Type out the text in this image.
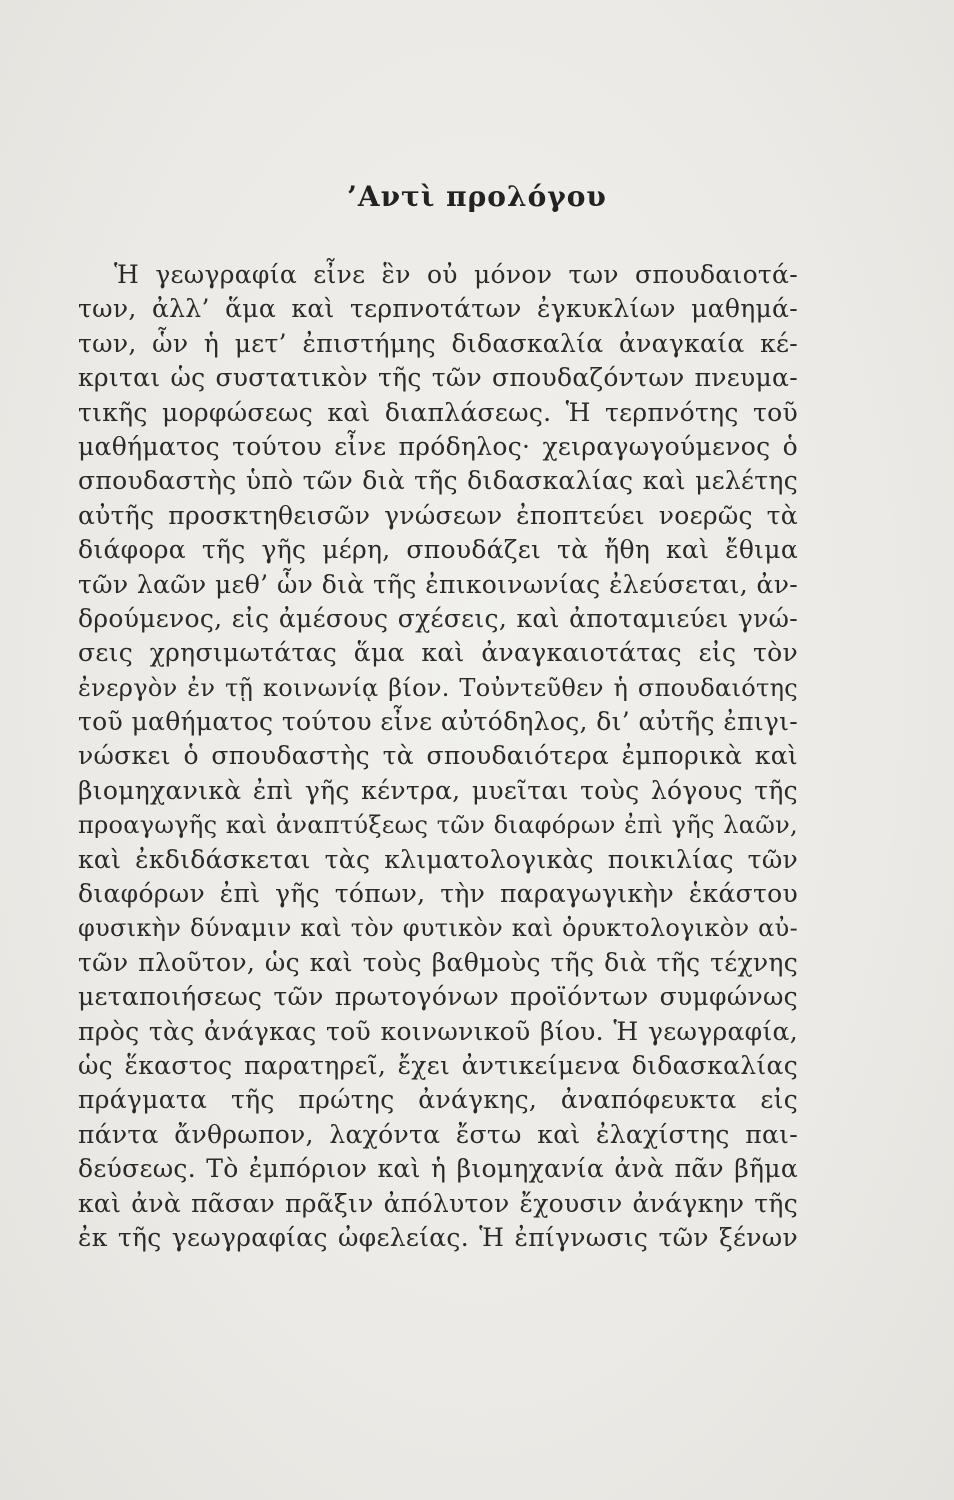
’Αντὶ προλόγου
Ἡ γεωγραφία εἶνε ἓν οὐ μόνον των σπουδαιοτά-
των, ἀλλ’ ἅμα καὶ τερπνοτάτων ἐγκυκλίων μαθημά-
των, ὧν ἡ μετ’ ἐπιστήμης διδασκαλία ἀναγκαία κέ-
κριται ὡς συστατικὸν τῆς τῶν σπουδαζόντων πνευμα-
τικῆς μορφώσεως καὶ διαπλάσεως. Ἡ τερπνότης τοῦ
μαθήματος τούτου εἶνε πρόδηλος· χειραγωγούμενος ὁ
σπουδαστὴς ὑπὸ τῶν διὰ τῆς διδασκαλίας καὶ μελέτης
αὐτῆς προσκτηθεισῶν γνώσεων ἐποπτεύει νοερῶς τὰ
διάφορα τῆς γῆς μέρη, σπουδάζει τὰ ἤθη καὶ ἔθιμα
τῶν λαῶν μεθ’ ὧν διὰ τῆς ἐπικοινωνίας ἐλεύσεται, ἀν-
δρούμενος, εἰς ἀμέσους σχέσεις, καὶ ἀποταμιεύει γνώ-
σεις χρησιμωτάτας ἅμα καὶ ἀναγκαιοτάτας εἰς τὸν
ἐνεργὸν ἐν τῇ κοινωνίᾳ βίον. Τοὐντεῦθεν ἡ σπουδαιότης
τοῦ μαθήματος τούτου εἶνε αὐτόδηλος, δι’ αὐτῆς ἐπιγι-
νώσκει ὁ σπουδαστὴς τὰ σπουδαιότερα ἐμπορικὰ καὶ
βιομηχανικὰ ἐπὶ γῆς κέντρα, μυεῖται τοὺς λόγους τῆς
προαγωγῆς καὶ ἀναπτύξεως τῶν διαφόρων ἐπὶ γῆς λαῶν,
καὶ ἐκδιδάσκεται τὰς κλιματολογικὰς ποικιλίας τῶν
διαφόρων ἐπὶ γῆς τόπων, τὴν παραγωγικὴν ἑκάστου
φυσικὴν δύναμιν καὶ τὸν φυτικὸν καὶ ὀρυκτολογικὸν αὐ-
τῶν πλοῦτον, ὡς καὶ τοὺς βαθμοὺς τῆς διὰ τῆς τέχνης
μεταποιήσεως τῶν πρωτογόνων προϊόντων συμφώνως
πρὸς τὰς ἀνάγκας τοῦ κοινωνικοῦ βίου. Ἡ γεωγραφία,
ὡς ἕκαστος παρατηρεῖ, ἔχει ἀντικείμενα διδασκαλίας
πράγματα τῆς πρώτης ἀνάγκης, ἀναπόφευκτα εἰς
πάντα ἄνθρωπον, λαχόντα ἔστω καὶ ἐλαχίστης παι-
δεύσεως. Τὸ ἐμπόριον καὶ ἡ βιομηχανία ἀνὰ πᾶν βῆμα
καὶ ἀνὰ πᾶσαν πρᾶξιν ἀπόλυτον ἔχουσιν ἀνάγκην τῆς
ἐκ τῆς γεωγραφίας ὠφελείας. Ἡ ἐπίγνωσις τῶν ξένων
